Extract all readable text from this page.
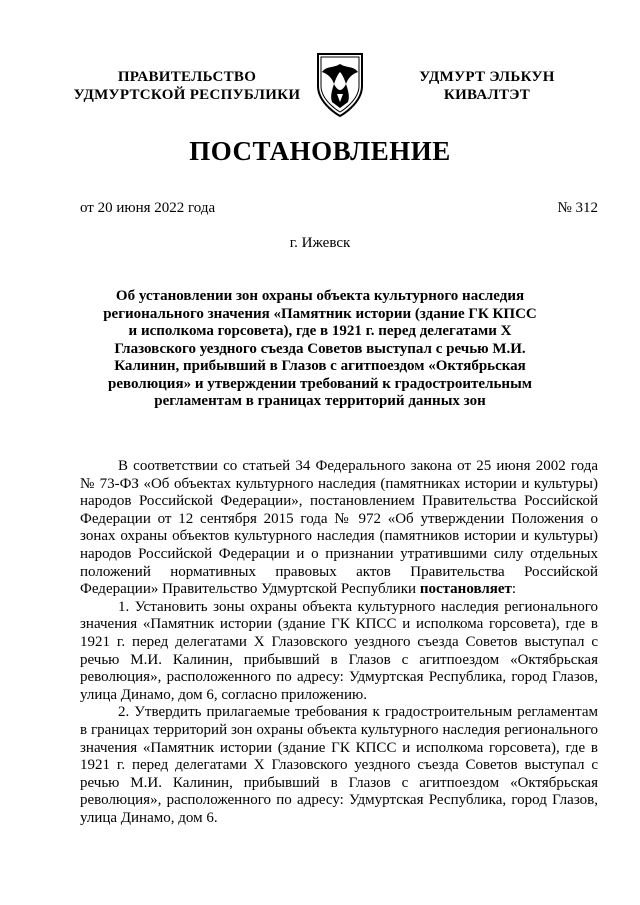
ПРАВИТЕЛЬСТВО
УДМУРТСКОЙ РЕСПУБЛИКИ
УДМУРТ ЭЛЬКУН
КИВАЛТЭТ
ПОСТАНОВЛЕНИЕ
от 20 июня 2022 года	№ 312
г. Ижевск
Об установлении зон охраны объекта культурного наследия регионального значения «Памятник истории (здание ГК КПСС и исполкома горсовета), где в 1921 г. перед делегатами X Глазовского уездного съезда Советов выступал с речью М.И. Калинин, прибывший в Глазов с агитпоездом «Октябрьская революция» и утверждении требований к градостроительным регламентам в границах территорий данных зон

В соответствии со статьей 34 Федерального закона от 25 июня 2002 года № 73-ФЗ «Об объектах культурного наследия (памятниках истории и культуры) народов Российской Федерации», постановлением Правительства Российской Федерации от 12 сентября 2015 года № 972 «Об утверждении Положения о зонах охраны объектов культурного наследия (памятников истории и культуры) народов Российской Федерации и о признании утратившими силу отдельных положений нормативных правовых актов Правительства Российской Федерации» Правительство Удмуртской Республики постановляет:

1. Установить зоны охраны объекта культурного наследия регионального значения «Памятник истории (здание ГК КПСС и исполкома горсовета), где в 1921 г. перед делегатами X Глазовского уездного съезда Советов выступал с речью М.И. Калинин, прибывший в Глазов с агитпоездом «Октябрьская революция», расположенного по адресу: Удмуртская Республика, город Глазов, улица Динамо, дом 6, согласно приложению.

2. Утвердить прилагаемые требования к градостроительным регламентам в границах территорий зон охраны объекта культурного наследия регионального значения «Памятник истории (здание ГК КПСС и исполкома горсовета), где в 1921 г. перед делегатами X Глазовского уездного съезда Советов выступал с речью М.И. Калинин, прибывший в Глазов с агитпоездом «Октябрьская революция», расположенного по адресу: Удмуртская Республика, город Глазов, улица Динамо, дом 6.
